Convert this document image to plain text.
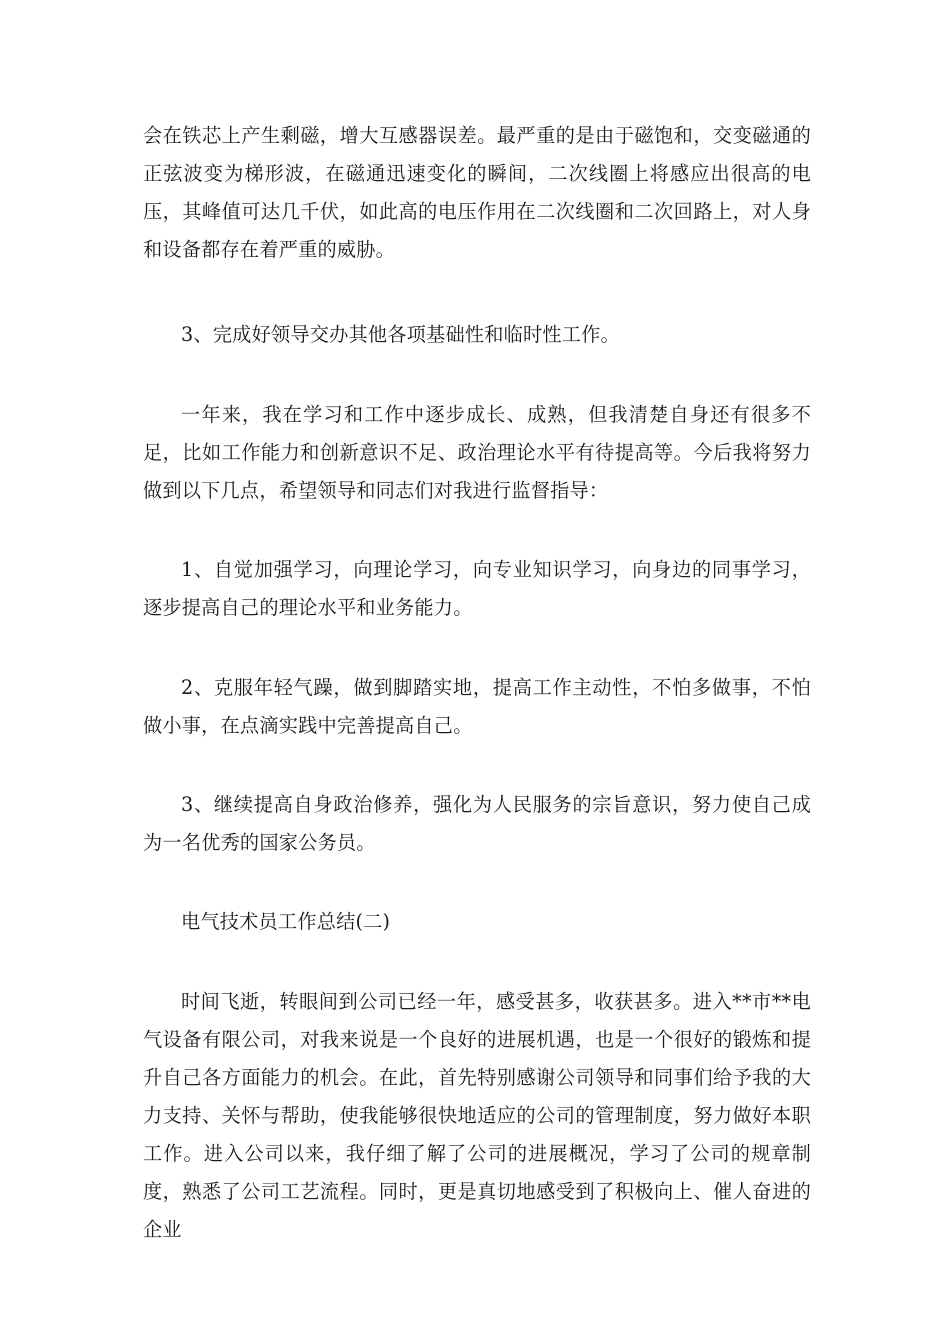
会在铁芯上产生剩磁，增大互感器误差。最严重的是由于磁饱和，交变磁通的正弦波变为梯形波，在磁通迅速变化的瞬间，二次线圈上将感应出很高的电压，其峰值可达几千伏，如此高的电压作用在二次线圈和二次回路上，对人身和设备都存在着严重的威胁。

3、完成好领导交办其他各项基础性和临时性工作。

一年来，我在学习和工作中逐步成长、成熟，但我清楚自身还有很多不足，比如工作能力和创新意识不足、政治理论水平有待提高等。今后我将努力做到以下几点，希望领导和同志们对我进行监督指导：

1、自觉加强学习，向理论学习，向专业知识学习，向身边的同事学习，逐步提高自己的理论水平和业务能力。

2、克服年轻气躁，做到脚踏实地，提高工作主动性，不怕多做事，不怕做小事，在点滴实践中完善提高自己。

3、继续提高自身政治修养，强化为人民服务的宗旨意识，努力使自己成为一名优秀的国家公务员。

电气技术员工作总结(二)

时间飞逝，转眼间到公司已经一年，感受甚多，收获甚多。进入**市**电气设备有限公司，对我来说是一个良好的进展机遇，也是一个很好的锻炼和提升自己各方面能力的机会。在此，首先特别感谢公司领导和同事们给予我的大力支持、关怀与帮助，使我能够很快地适应的公司的管理制度，努力做好本职工作。进入公司以来，我仔细了解了公司的进展概况，学习了公司的规章制度，熟悉了公司工艺流程。同时，更是真切地感受到了积极向上、催人奋进的企业
